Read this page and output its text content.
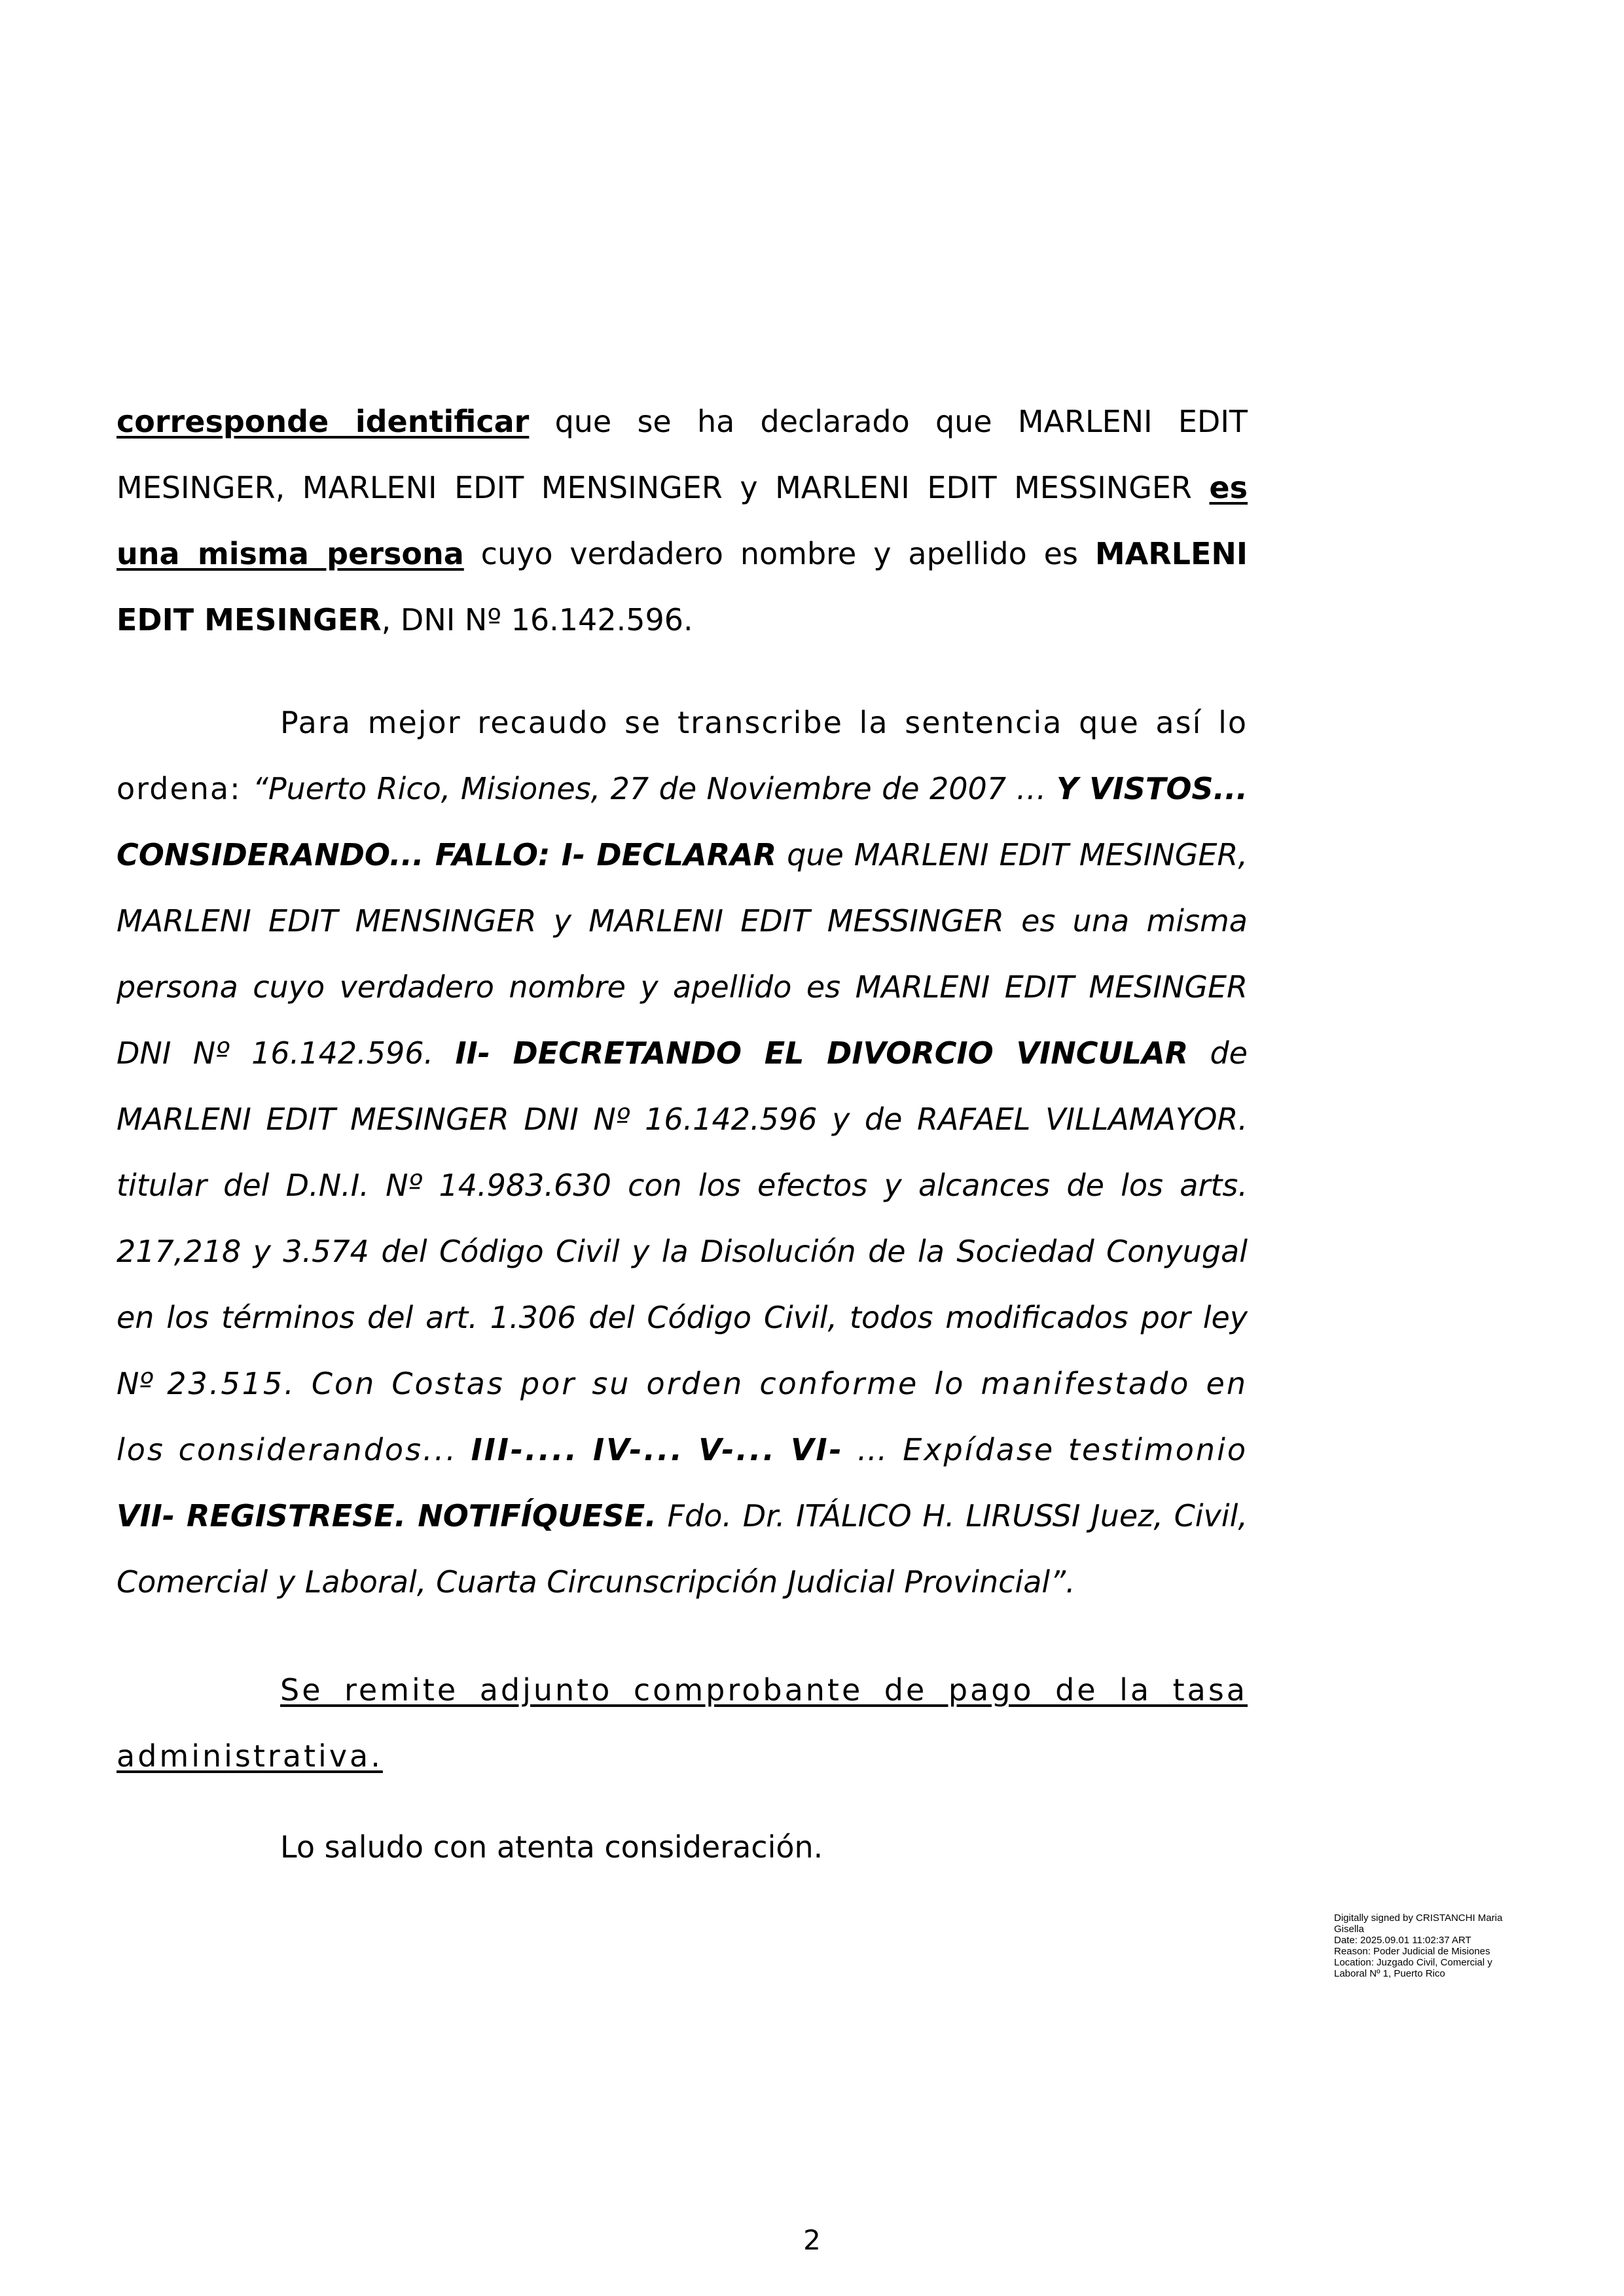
corresponde identificar que se ha declarado que MARLENI EDIT MESINGER, MARLENI EDIT MENSINGER y MARLENI EDIT MESSINGER es una misma persona cuyo verdadero nombre y apellido es MARLENI EDIT MESINGER, DNI Nº 16.142.596.

Para mejor recaudo se transcribe la sentencia que así lo ordena: “Puerto Rico, Misiones, 27 de Noviembre de 2007 … Y VISTOS... CONSIDERANDO... FALLO: I- DECLARAR que MARLENI EDIT MESINGER, MARLENI EDIT MENSINGER y MARLENI EDIT MESSINGER es una misma persona cuyo verdadero nombre y apellido es MARLENI EDIT MESINGER DNI Nº 16.142.596. II- DECRETANDO EL DIVORCIO VINCULAR de MARLENI EDIT MESINGER DNI Nº 16.142.596 y de RAFAEL VILLAMAYOR. titular del D.N.I. Nº 14.983.630 con los efectos y alcances de los arts. 217,218 y 3.574 del Código Civil y la Disolución de la Sociedad Conyugal en los términos del art. 1.306 del Código Civil, todos modificados por ley Nº 23.515. Con Costas por su orden conforme lo manifestado en los considerandos... III-.... IV-... V-... VI- … Expídase testimonio VII- REGISTRESE. NOTIFÍQUESE. Fdo. Dr. ITÁLICO H. LIRUSSI Juez, Civil, Comercial y Laboral, Cuarta Circunscripción Judicial Provincial”.

Se remite adjunto comprobante de pago de la tasa administrativa.

Lo saludo con atenta consideración.

Digitally signed by CRISTANCHI Maria
Gisella
Date: 2025.09.01 11:02:37 ART
Reason: Poder Judicial de Misiones
Location: Juzgado Civil, Comercial y
Laboral Nº 1, Puerto Rico
2
